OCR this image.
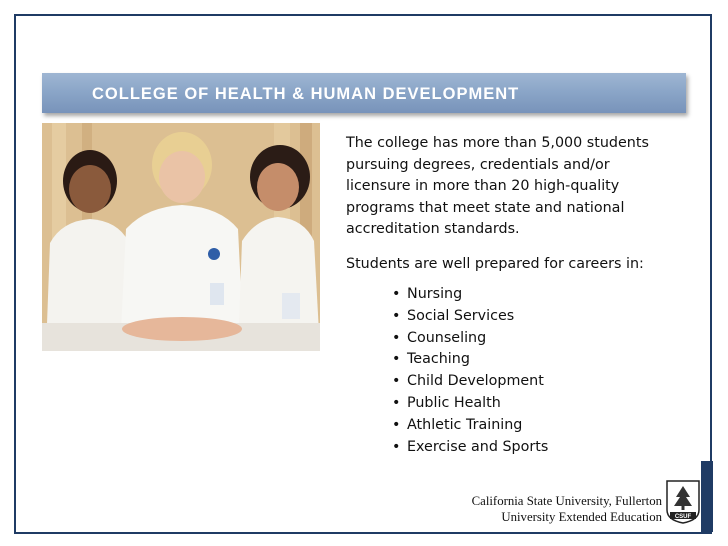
COLLEGE OF HEALTH & HUMAN DEVELOPMENT

The college has more than 5,000 students

pursuing degrees, credentials and/or

licensure in more than 20 high-quality

programs that meet state and national

accreditation standards.

Students are well prepared for careers in:
• Nursing
• Social Services
• Counseling
• Teaching
• Child Development
• Public Health
• Athletic Training
• Exercise and Sports
California State University, Fullerton
University Extended Education CSUF
